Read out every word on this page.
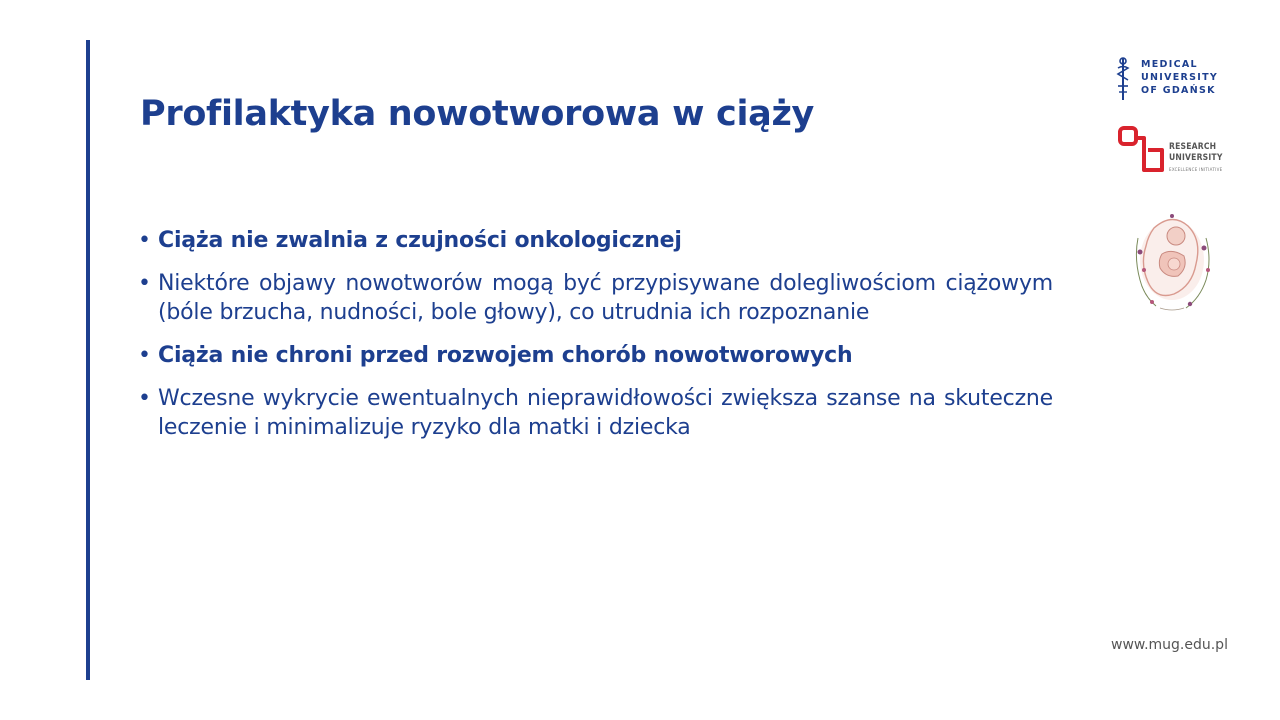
Profilaktyka nowotworowa w ciąży
• Ciąża nie zwalnia z czujności onkologicznej
• Niektóre objawy nowotworów mogą być przypisywane dolegliwościom ciążowym (bóle brzucha, nudności, bole głowy), co utrudnia ich rozpoznanie
• Ciąża nie chroni przed rozwojem chorób nowotworowych
• Wczesne wykrycie ewentualnych nieprawidłowości zwiększa szanse na skuteczne leczenie i minimalizuje ryzyko dla matki i dziecka
MEDICAL
UNIVERSITY
OF GDAŃSK
RESEARCH
UNIVERSITY
EXCELLENCE INITIATIVE
www.mug.edu.pl
